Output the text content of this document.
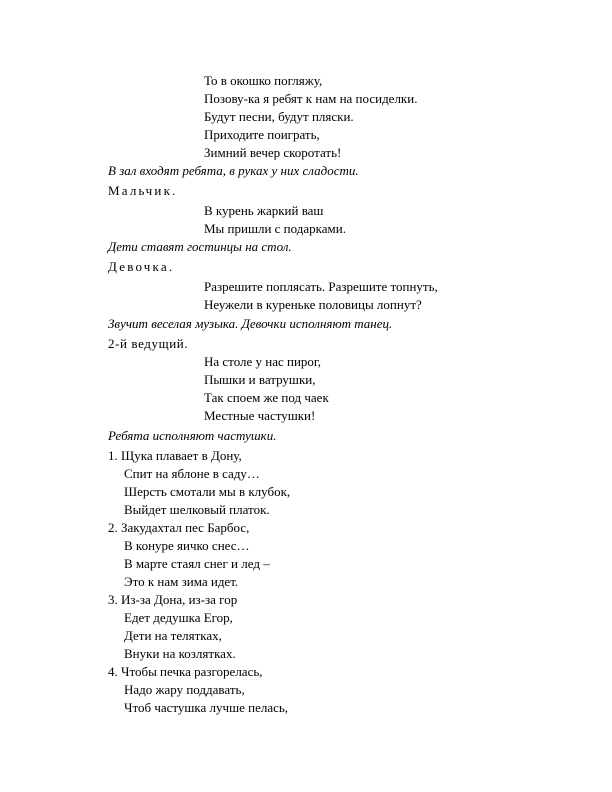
То в окошко погляжу,
Позову-ка я ребят к нам на посиделки.
Будут песни, будут пляски.
Приходите поиграть,
Зимний вечер скоротать!
В зал входят ребята, в руках у них сладости.
Мальчик.
В курень жаркий ваш
Мы пришли с подарками.
Дети ставят гостинцы на стол.
Девочка.
Разрешите поплясать. Разрешите топнуть,
Неужели в куреньке половицы лопнут?
Звучит веселая музыка. Девочки исполняют танец.
2-й ведущий.
На столе у нас пирог,
Пышки и ватрушки,
Так споем же под чаек
Местные частушки!
Ребята исполняют частушки.
1. Щука плавает в Дону,
Спит на яблоне в саду…
Шерсть смотали мы в клубок,
Выйдет шелковый платок.
2. Закудахтал пес Барбос,
В конуре яичко снес…
В марте стаял снег и лед –
Это к нам зима идет.
3. Из-за Дона, из-за гор
Едет дедушка Егор,
Дети на телятках,
Внуки на козлятках.
4. Чтобы печка разгорелась,
Надо жару поддавать,
Чтоб частушка лучше пелась,
